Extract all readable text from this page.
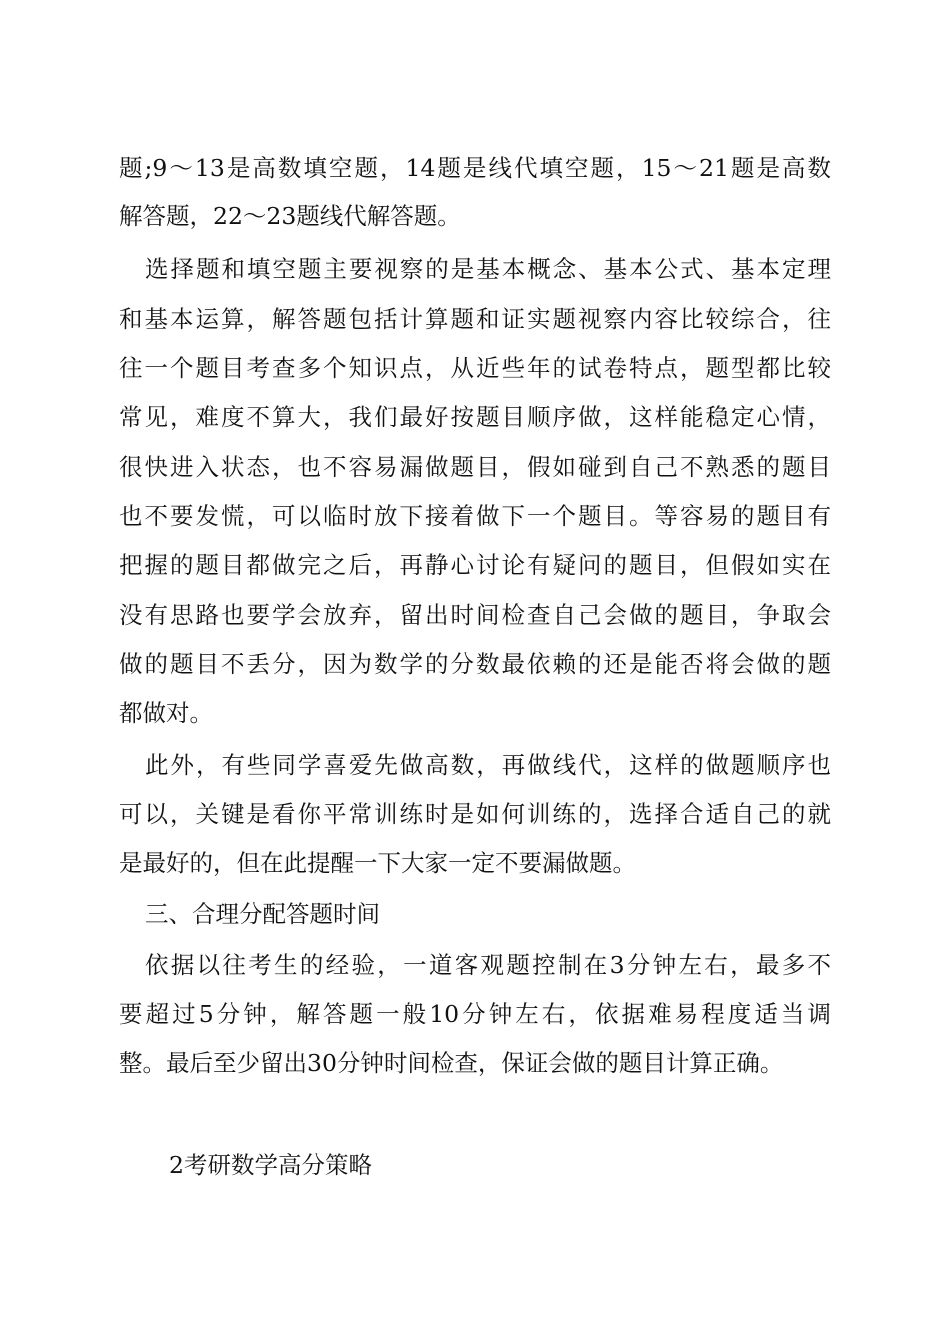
题;9～13是高数填空题，14题是线代填空题，15～21题是高数
解答题，22～23题线代解答题。
选择题和填空题主要视察的是基本概念、基本公式、基本定理
和基本运算，解答题包括计算题和证实题视察内容比较综合，往
往一个题目考查多个知识点，从近些年的试卷特点，题型都比较
常见，难度不算大，我们最好按题目顺序做，这样能稳定心情，
很快进入状态，也不容易漏做题目，假如碰到自己不熟悉的题目
也不要发慌，可以临时放下接着做下一个题目。等容易的题目有
把握的题目都做完之后，再静心讨论有疑问的题目，但假如实在
没有思路也要学会放弃，留出时间检查自己会做的题目，争取会
做的题目不丢分，因为数学的分数最依赖的还是能否将会做的题
都做对。
此外，有些同学喜爱先做高数，再做线代，这样的做题顺序也
可以，关键是看你平常训练时是如何训练的，选择合适自己的就
是最好的，但在此提醒一下大家一定不要漏做题。
三、合理分配答题时间
依据以往考生的经验，一道客观题控制在3分钟左右，最多不
要超过5分钟，解答题一般10分钟左右，依据难易程度适当调
整。最后至少留出30分钟时间检查，保证会做的题目计算正确。
2考研数学高分策略
